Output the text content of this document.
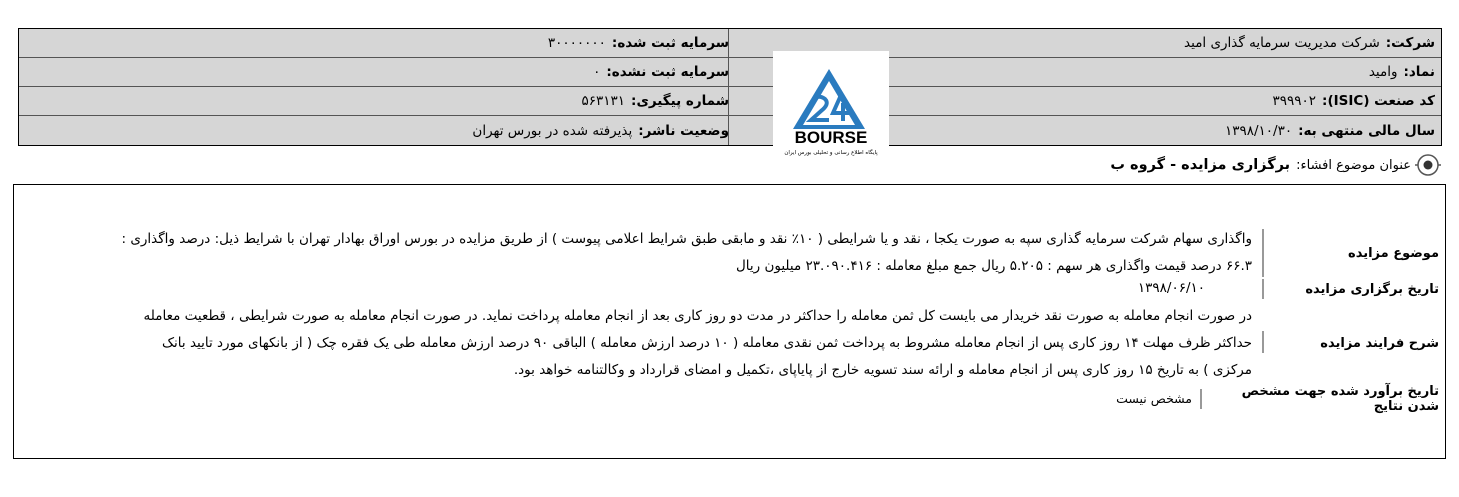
شرکت:
شرکت مدیریت سرمایه گذاری امید
سرمایه ثبت شده:
۳۰۰۰۰۰۰۰
نماد:
وامید
سرمایه ثبت نشده:
۰
کد صنعت (ISIC):
۳۹۹۹۰۲
شماره پیگیری:
۵۶۳۱۳۱
سال مالی منتهی به:
۱۳۹۸/۱۰/۳۰
وضعیت ناشر:
پذیرفته شده در بورس تهران	BOURSE
پایگاه اطلاع رسانی و تحلیلی بورس ایران
عنوان موضوع افشاء:
برگزاری مزایده - گروه ب
موضوع مزایده
واگذاری سهام شرکت سرمایه گذاری سپه به صورت یکجا ، نقد و یا شرایطی ( ۱۰٪ نقد و مابقی طبق شرایط اعلامی پیوست ) از طریق مزایده در بورس اوراق بهادار تهران با شرایط ذیل: درصد واگذاری :
۶۶.۳ درصد قیمت واگذاری هر سهم : ۵.۲۰۵ ریال جمع مبلغ معامله : ۲۳.۰۹۰.۴۱۶ میلیون ریال
تاریخ برگزاری مزایده
۱۳۹۸/۰۶/۱۰
شرح فرایند مزایده
در صورت انجام معامله به صورت نقد خریدار می بایست کل ثمن معامله را حداکثر در مدت دو روز کاری بعد از انجام معامله پرداخت نماید. در صورت انجام معامله به صورت شرایطی ، قطعیت معامله
حداکثر ظرف مهلت ۱۴ روز کاری پس از انجام معامله مشروط به پرداخت ثمن نقدی معامله ( ۱۰ درصد ارزش معامله ) الباقی ۹۰ درصد ارزش معامله طی یک فقره چک ( از بانکهای مورد تایید بانک
مرکزی ) به تاریخ ۱۵ روز کاری پس از انجام معامله و ارائه سند تسویه خارج از پایاپای ،تکمیل و امضای قرارداد و وکالتنامه خواهد بود.
تاریخ برآورد شده جهت مشخص شدن نتایج
مشخص نیست
